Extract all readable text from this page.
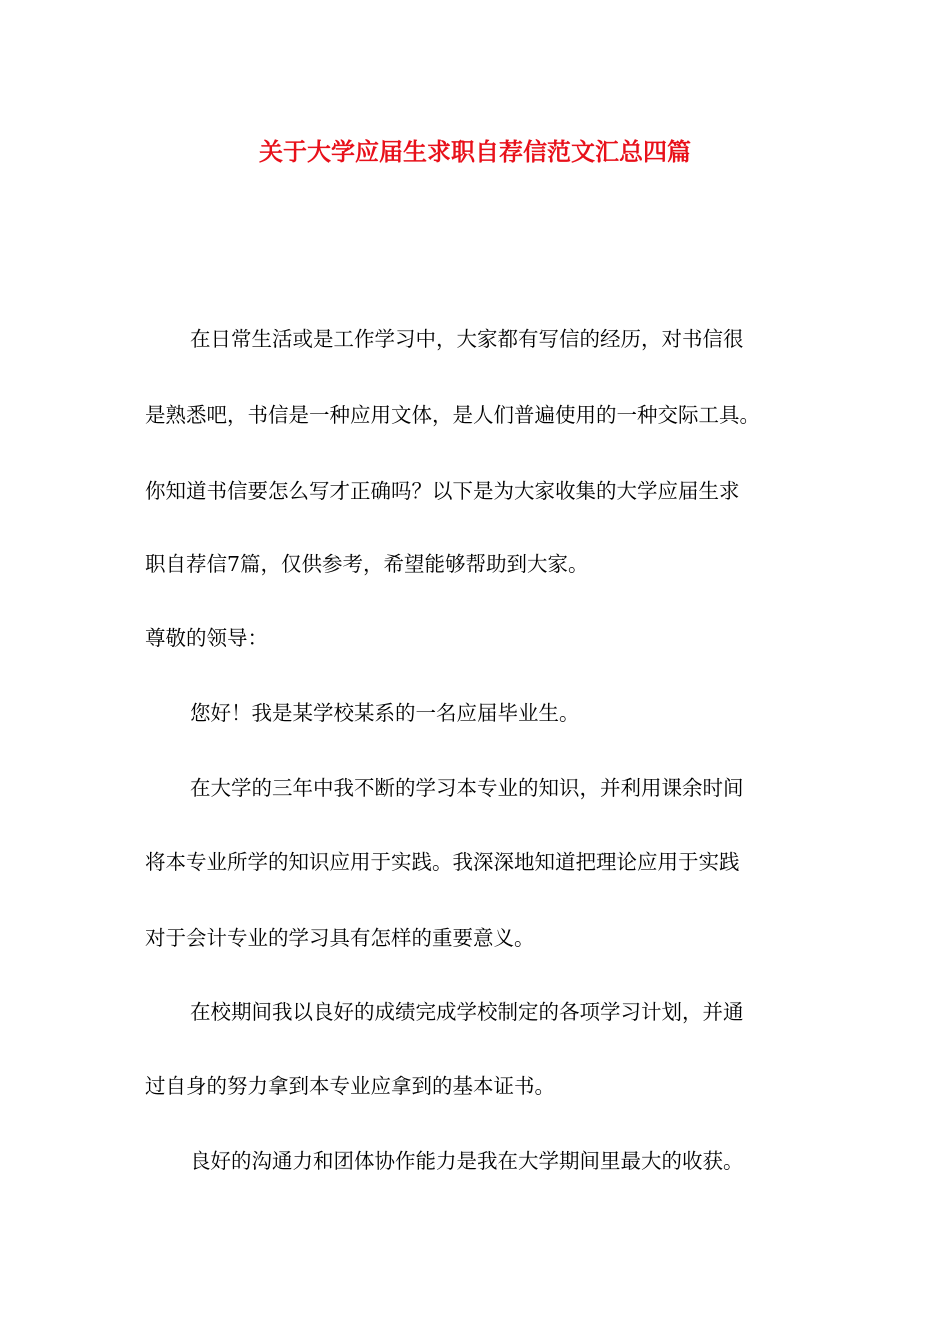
关于大学应届生求职自荐信范文汇总四篇
在日常生活或是工作学习中，大家都有写信的经历，对书信很
是熟悉吧，书信是一种应用文体，是人们普遍使用的一种交际工具。
你知道书信要怎么写才正确吗？以下是为大家收集的大学应届生求
职自荐信7篇，仅供参考，希望能够帮助到大家。
尊敬的领导：
您好！我是某学校某系的一名应届毕业生。
在大学的三年中我不断的学习本专业的知识，并利用课余时间
将本专业所学的知识应用于实践。我深深地知道把理论应用于实践
对于会计专业的学习具有怎样的重要意义。
在校期间我以良好的成绩完成学校制定的各项学习计划，并通
过自身的努力拿到本专业应拿到的基本证书。
良好的沟通力和团体协作能力是我在大学期间里最大的收获。
